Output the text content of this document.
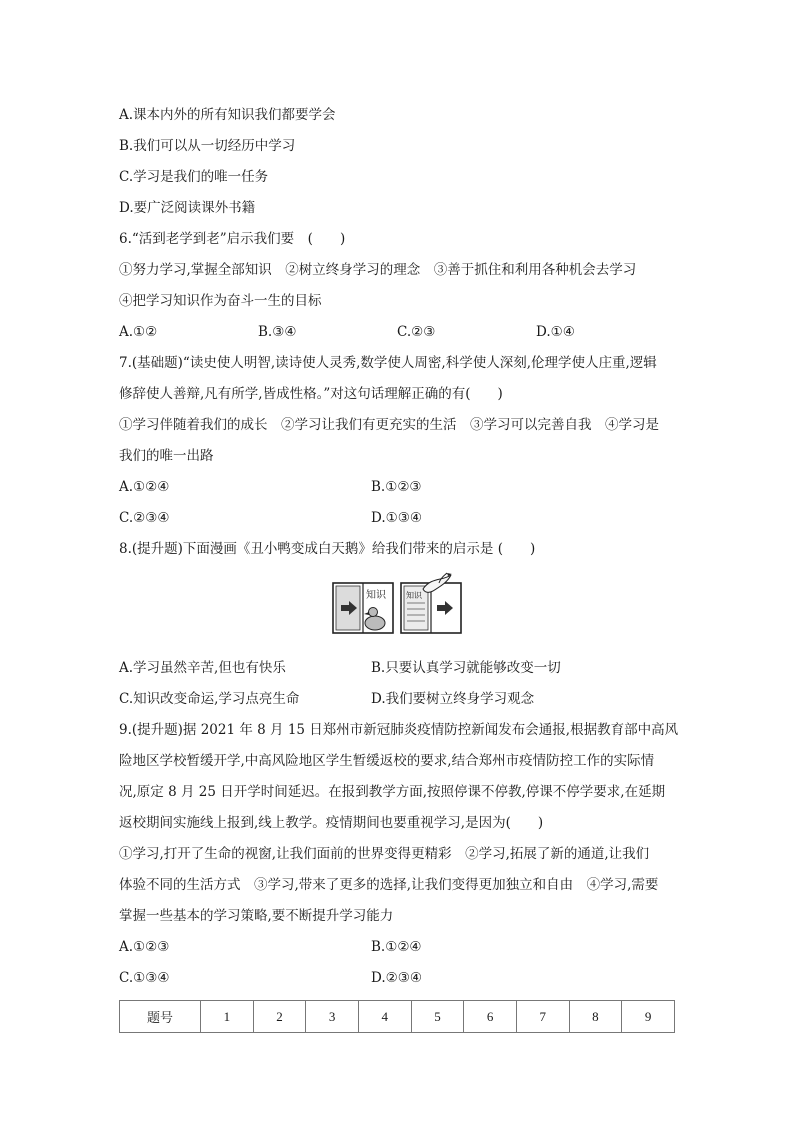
A.课本内外的所有知识我们都要学会
B.我们可以从一切经历中学习
C.学习是我们的唯一任务
D.要广泛阅读课外书籍
6.“活到老学到老”启示我们要　(　　)
①努力学习,掌握全部知识　②树立终身学习的理念　③善于抓住和利用各种机会去学习
④把学习知识作为奋斗一生的目标
A.①②	B.③④	C.②③	D.①④
7.(基础题)“读史使人明智,读诗使人灵秀,数学使人周密,科学使人深刻,伦理学使人庄重,逻辑
修辞使人善辩,凡有所学,皆成性格。”对这句话理解正确的有(　　)
①学习伴随着我们的成长　②学习让我们有更充实的生活　③学习可以完善自我　④学习是
我们的唯一出路
A.①②④	B.①②③
C.②③④	D.①③④
8.(提升题)下面漫画《丑小鸭变成白天鹅》给我们带来的启示是 (　　)
知识	知识
A.学习虽然辛苦,但也有快乐	B.只要认真学习就能够改变一切
C.知识改变命运,学习点亮生命	D.我们要树立终身学习观念
9.(提升题)据 2021 年 8 月 15 日郑州市新冠肺炎疫情防控新闻发布会通报,根据教育部中高风
险地区学校暂缓开学,中高风险地区学生暂缓返校的要求,结合郑州市疫情防控工作的实际情
况,原定 8 月 25 日开学时间延迟。在报到教学方面,按照停课不停教,停课不停学要求,在延期
返校期间实施线上报到,线上教学。疫情期间也要重视学习,是因为(　　)
①学习,打开了生命的视窗,让我们面前的世界变得更精彩　②学习,拓展了新的通道,让我们
体验不同的生活方式　③学习,带来了更多的选择,让我们变得更加独立和自由　④学习,需要
掌握一些基本的学习策略,要不断提升学习能力
A.①②③	B.①②④
C.①③④	D.②③④
题号	1	2	3	4	5	6	7	8	9
